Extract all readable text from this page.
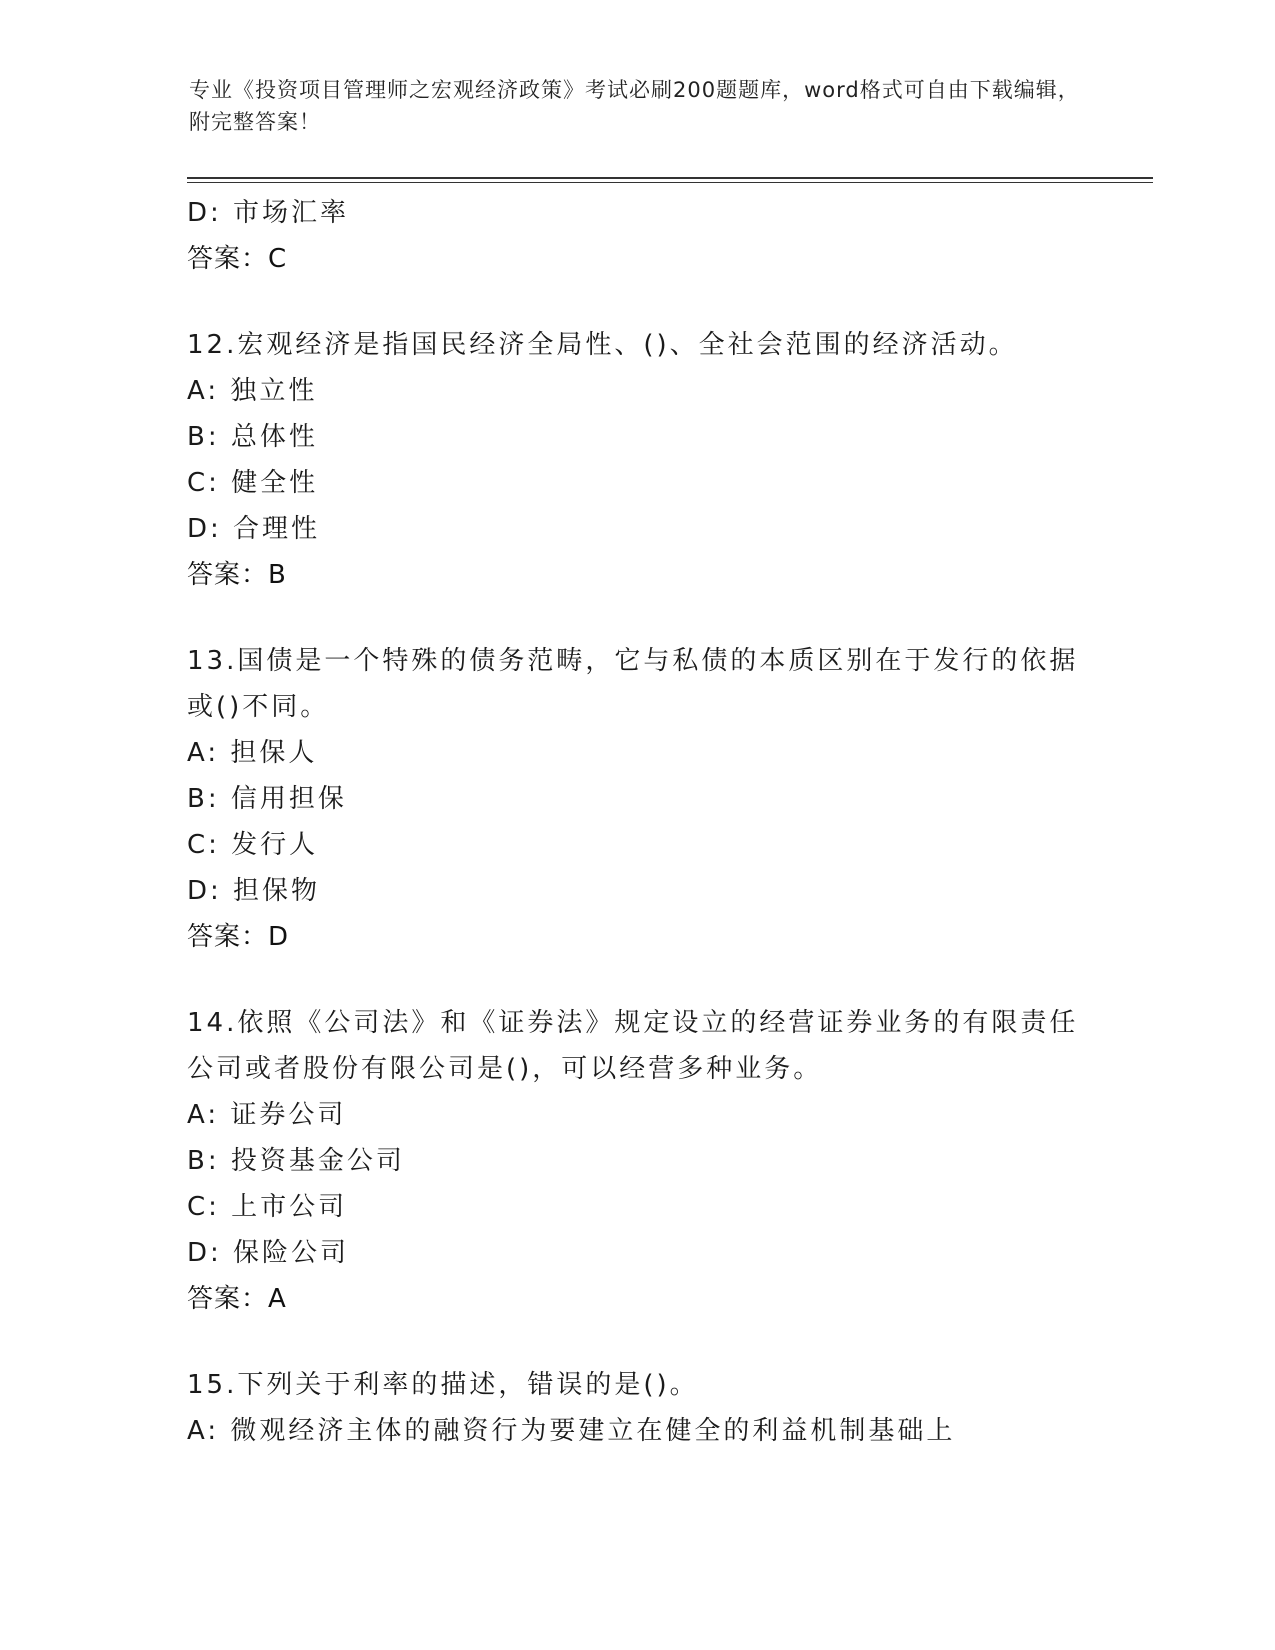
专业《投资项目管理师之宏观经济政策》考试必刷200题题库，word格式可自由下载编辑，附完整答案！
D: 市场汇率
答案：C
12.宏观经济是指国民经济全局性、()、全社会范围的经济活动。
A: 独立性
B: 总体性
C: 健全性
D: 合理性
答案：B
13.国债是一个特殊的债务范畴，它与私债的本质区别在于发行的依据或()不同。
A: 担保人
B: 信用担保
C: 发行人
D: 担保物
答案：D
14.依照《公司法》和《证券法》规定设立的经营证券业务的有限责任公司或者股份有限公司是()，可以经营多种业务。
A: 证券公司
B: 投资基金公司
C: 上市公司
D: 保险公司
答案：A
15.下列关于利率的描述，错误的是()。
A: 微观经济主体的融资行为要建立在健全的利益机制基础上
